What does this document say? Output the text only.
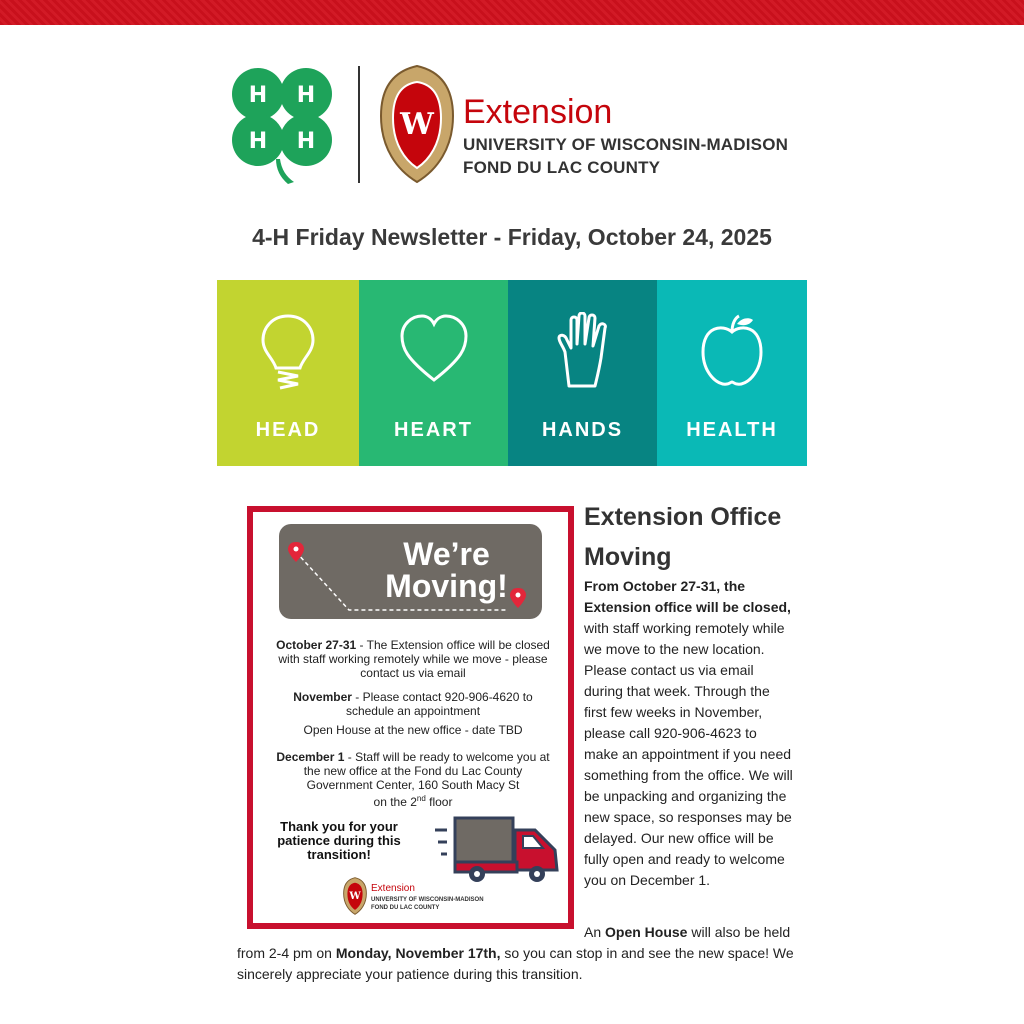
H H
H H	W Extension
UNIVERSITY OF WISCONSIN-MADISON
FOND DU LAC COUNTY
4-H Friday Newsletter - Friday, October 24, 2025
HEAD	HEART	HANDS	HEALTH
We’re
Moving!
October 27-31 - The Extension office will be closed with staff working remotely while we move - please contact us via email
November - Please contact 920-906-4620 to schedule an appointment
Open House at the new office - date TBD
December 1 - Staff will be ready to welcome you at the new office at the Fond du Lac County Government Center, 160 South Macy St
on the 2nd floor
Thank you for your patience during this transition!
W
Extension
UNIVERSITY OF WISCONSIN-MADISON
FOND DU LAC COUNTY
Extension Office Moving
From October 27-31, the Extension office will be closed, with staff working remotely while we move to the new location. Please contact us via email during that week. Through the first few weeks in November, please call 920-906-4623 to make an appointment if you need something from the office. We will be unpacking and organizing the new space, so responses may be delayed. Our new office will be fully open and ready to welcome you on December 1.
An Open House will also be held from 2-4 pm on Monday, November 17th, so you can stop in and see the new space! We sincerely appreciate your patience during this transition.
